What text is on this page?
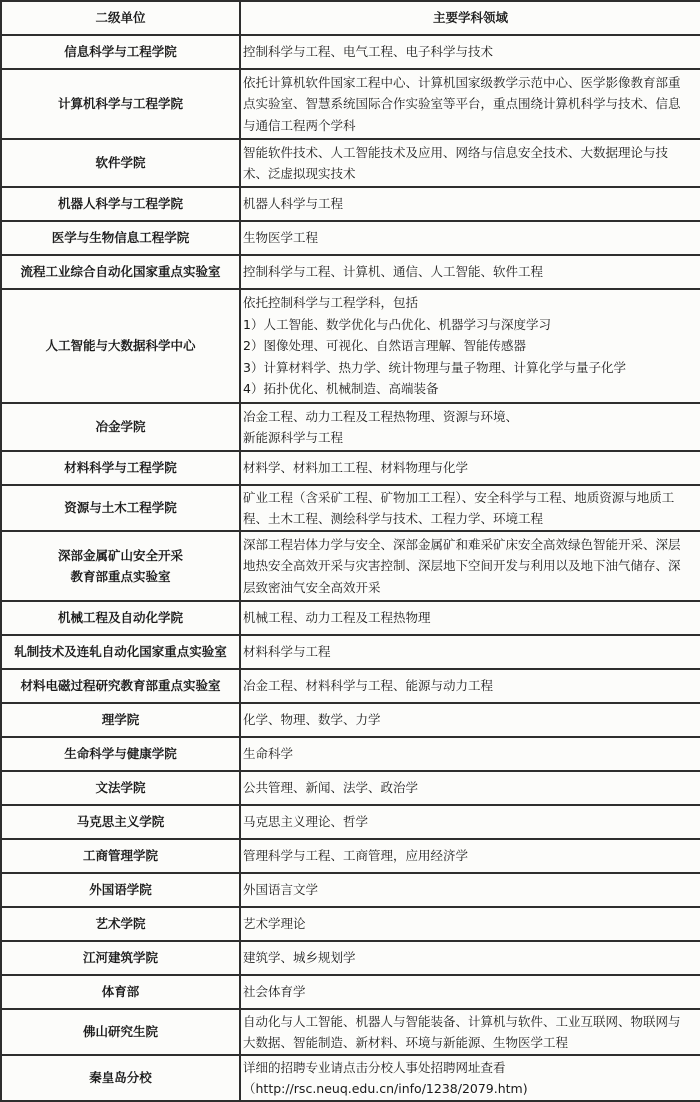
二级单位	主要学科领域

信息科学与工程学院	控制科学与工程、电气工程、电子科学与技术

计算机科学与工程学院	依托计算机软件国家工程中心、计算机国家级教学示范中心、医学影像教育部重
点实验室、智慧系统国际合作实验室等平台，重点围绕计算机科学与技术、信息
与通信工程两个学科

软件学院	智能软件技术、人工智能技术及应用、网络与信息安全技术、大数据理论与技
术、泛虚拟现实技术

机器人科学与工程学院	机器人科学与工程

医学与生物信息工程学院	生物医学工程

流程工业综合自动化国家重点实验室	控制科学与工程、计算机、通信、人工智能、软件工程

人工智能与大数据科学中心	依托控制科学与工程学科，包括
1）人工智能、数学优化与凸优化、机器学习与深度学习
2）图像处理、可视化、自然语言理解、智能传感器
3）计算材料学、热力学、统计物理与量子物理、计算化学与量子化学
4）拓扑优化、机械制造、高端装备

冶金学院	冶金工程、动力工程及工程热物理、资源与环境、
新能源科学与工程

材料科学与工程学院	材料学、材料加工工程、材料物理与化学

资源与土木工程学院	矿业工程（含采矿工程、矿物加工工程）、安全科学与工程、地质资源与地质工
程、土木工程、测绘科学与技术、工程力学、环境工程

深部金属矿山安全开采
教育部重点实验室	深部工程岩体力学与安全、深部金属矿和难采矿床安全高效绿色智能开采、深层
地热安全高效开采与灾害控制、深层地下空间开发与利用以及地下油气储存、深
层致密油气安全高效开采

机械工程及自动化学院	机械工程、动力工程及工程热物理

轧制技术及连轧自动化国家重点实验室	材料科学与工程

材料电磁过程研究教育部重点实验室	冶金工程、材料科学与工程、能源与动力工程

理学院	化学、物理、数学、力学

生命科学与健康学院	生命科学

文法学院	公共管理、新闻、法学、政治学

马克思主义学院	马克思主义理论、哲学

工商管理学院	管理科学与工程、工商管理，应用经济学

外国语学院	外国语言文学

艺术学院	艺术学理论

江河建筑学院	建筑学、城乡规划学

体育部	社会体育学

佛山研究生院	自动化与人工智能、机器人与智能装备、计算机与软件、工业互联网、物联网与
大数据、智能制造、新材料、环境与新能源、生物医学工程

秦皇岛分校	详细的招聘专业请点击分校人事处招聘网址查看
（http://rsc.neuq.edu.cn/info/1238/2079.htm)
